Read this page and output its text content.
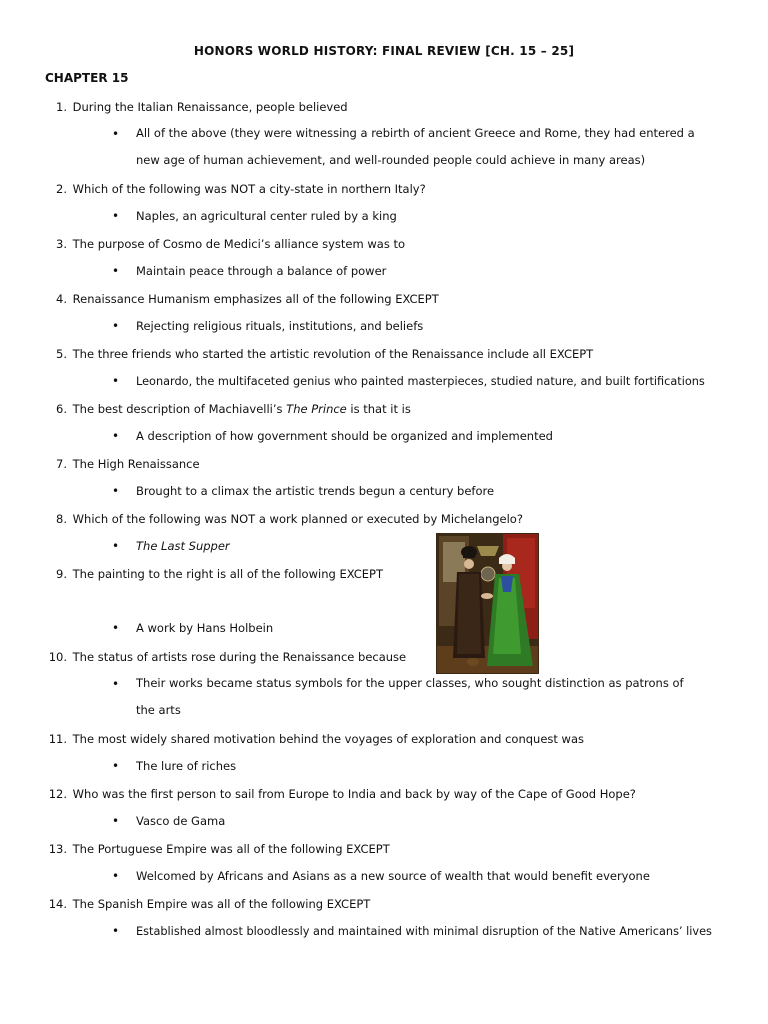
HONORS WORLD HISTORY: FINAL REVIEW [CH. 15 – 25]
CHAPTER 15
1. During the Italian Renaissance, people believed
• All of the above (they were witnessing a rebirth of ancient Greece and Rome, they had entered a new age of human achievement, and well-rounded people could achieve in many areas)
2. Which of the following was NOT a city-state in northern Italy?
• Naples, an agricultural center ruled by a king
3. The purpose of Cosmo de Medici’s alliance system was to
• Maintain peace through a balance of power
4. Renaissance Humanism emphasizes all of the following EXCEPT
• Rejecting religious rituals, institutions, and beliefs
5. The three friends who started the artistic revolution of the Renaissance include all EXCEPT
• Leonardo, the multifaceted genius who painted masterpieces, studied nature, and built fortifications
6. The best description of Machiavelli’s The Prince is that it is
• A description of how government should be organized and implemented
7. The High Renaissance
• Brought to a climax the artistic trends begun a century before
8. Which of the following was NOT a work planned or executed by Michelangelo?
• The Last Supper
9. The painting to the right is all of the following EXCEPT
• A work by Hans Holbein
10. The status of artists rose during the Renaissance because
• Their works became status symbols for the upper classes, who sought distinction as patrons of the arts
11. The most widely shared motivation behind the voyages of exploration and conquest was
• The lure of riches
12. Who was the first person to sail from Europe to India and back by way of the Cape of Good Hope?
• Vasco de Gama
13. The Portuguese Empire was all of the following EXCEPT
• Welcomed by Africans and Asians as a new source of wealth that would benefit everyone
14. The Spanish Empire was all of the following EXCEPT
• Established almost bloodlessly and maintained with minimal disruption of the Native Americans’ lives
